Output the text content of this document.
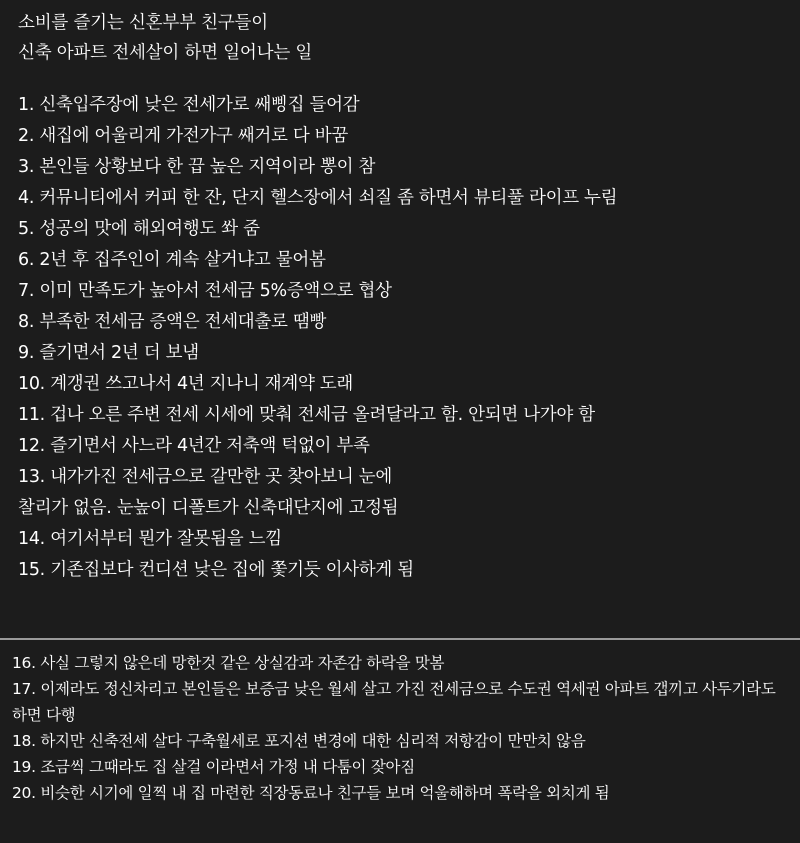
소비를 즐기는 신혼부부 친구들이
신축 아파트 전세살이 하면 일어나는 일
1. 신축입주장에 낮은 전세가로 쌔삥집 들어감
2. 새집에 어울리게 가전가구 쌔거로 다 바꿈
3. 본인들 상황보다 한 끕 높은 지역이라 뽕이 참
4. 커뮤니티에서 커피 한 잔, 단지 헬스장에서 쇠질 좀 하면서 뷰티풀 라이프 누림
5. 성공의 맛에 해외여행도 쏴 줌
6. 2년 후 집주인이 계속 살거냐고 물어봄
7. 이미 만족도가 높아서 전세금 5%증액으로 협상
8. 부족한 전세금 증액은 전세대출로 땜빵
9. 즐기면서 2년 더 보냄
10. 계갱권 쓰고나서 4년 지나니 재계약 도래
11. 겁나 오른 주변 전세 시세에 맞춰 전세금 올려달라고 함. 안되면 나가야 함
12. 즐기면서 사느라 4년간 저축액 턱없이 부족
13. 내가가진 전세금으로 갈만한 곳 찾아보니 눈에
찰리가 없음. 눈높이 디폴트가 신축대단지에 고정됨
14. 여기서부터 뭔가 잘못됨을 느낌
15. 기존집보다 컨디션 낮은 집에 쫓기듯 이사하게 됨
16. 사실 그렇지 않은데 망한것 같은 상실감과 자존감 하락을 맛봄
17. 이제라도 정신차리고 본인들은 보증금 낮은 월세 살고 가진 전세금으로 수도권 역세권 아파트 갭끼고 사두기라도 하면 다행
18. 하지만 신축전세 살다 구축월세로 포지션 변경에 대한 심리적 저항감이 만만치 않음
19. 조금씩 그때라도 집 살걸 이라면서 가정 내 다툼이 잦아짐
20. 비슷한 시기에 일찍 내 집 마련한 직장동료나 친구들 보며 억울해하며 폭락을 외치게 됨
